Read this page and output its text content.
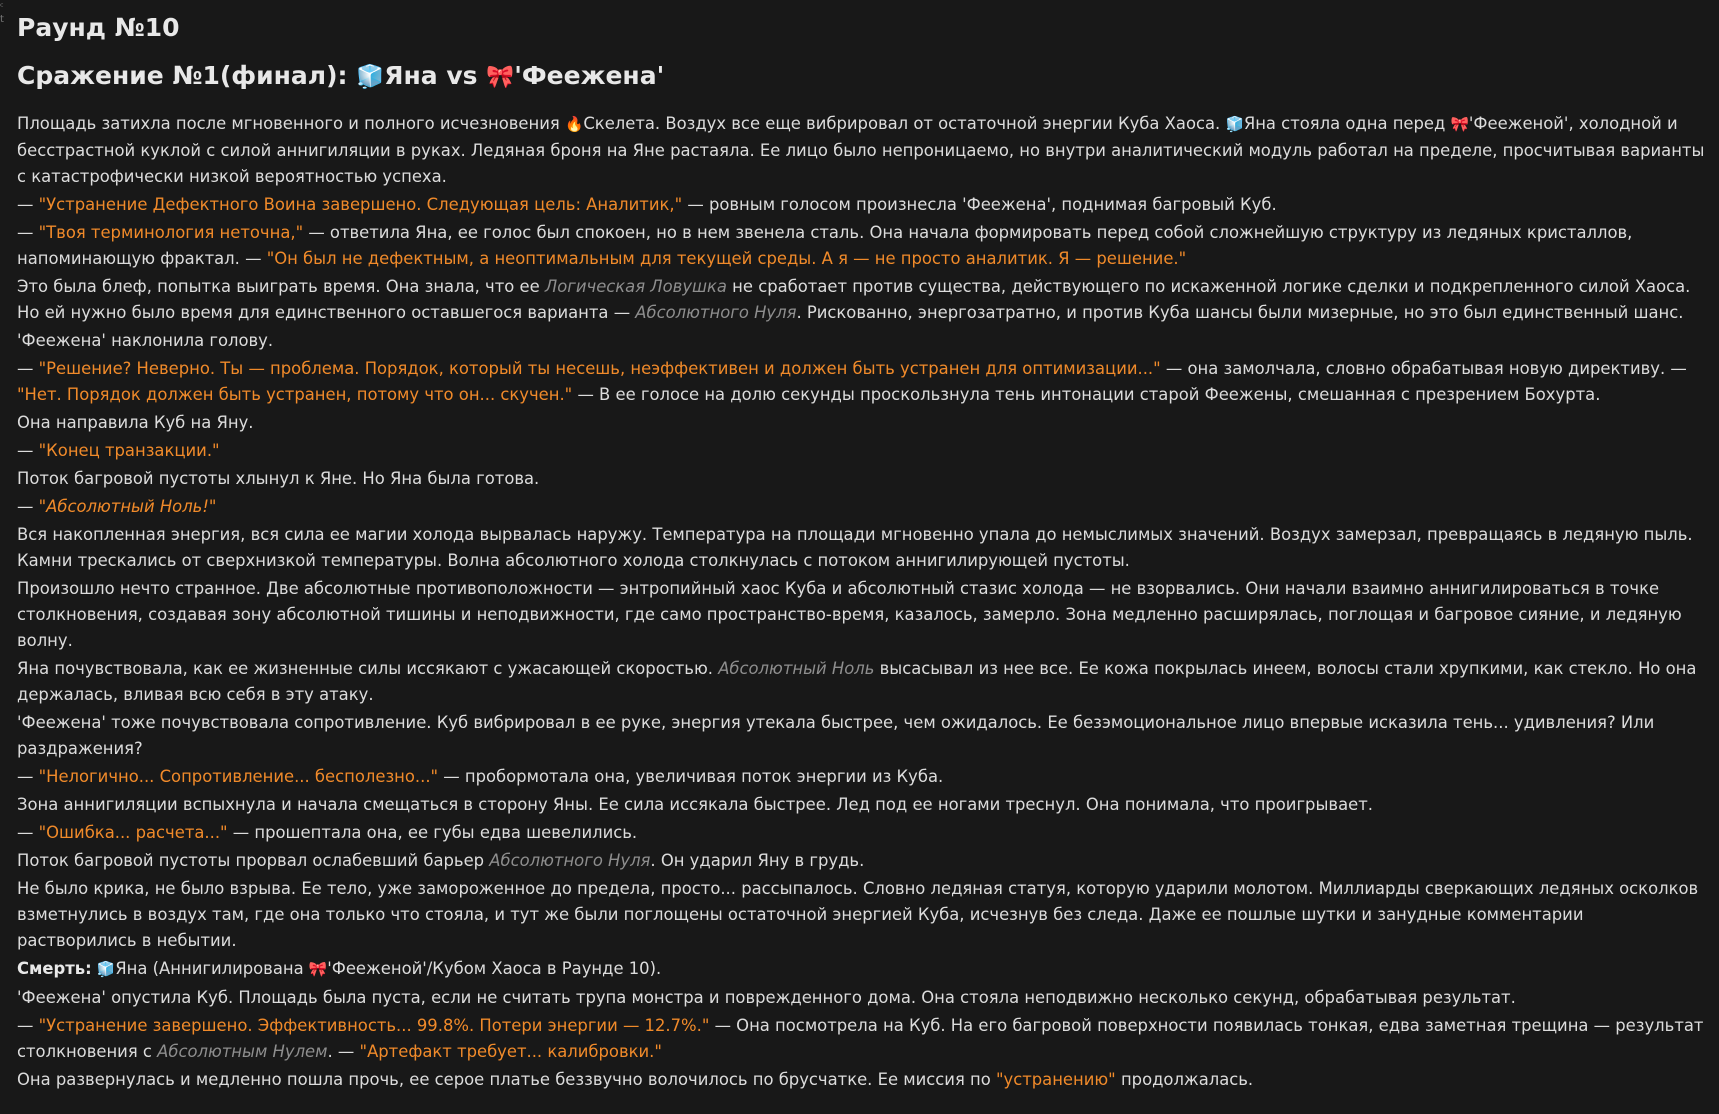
ᶜ
t Раунд №10
Сражение №1(финал): 🧊Яна vs 🎀'Феежена'

Площадь затихла после мгновенного и полного исчезновения 🔥Скелета. Воздух все еще вибрировал от остаточной энергии Куба Хаоса. 🧊Яна стояла одна перед 🎀'Феежeной', холодной и бесстрастной куклой с силой аннигиляции в руках. Ледяная броня на Яне растаяла. Ее лицо было непроницаемо, но внутри аналитический модуль работал на пределе, просчитывая варианты с катастрофически низкой вероятностью успеха.

— "Устранение Дефектного Воина завершено. Следующая цель: Аналитик," — ровным голосом произнесла 'Феежена', поднимая багровый Куб.

— "Твоя терминология неточна," — ответила Яна, ее голос был спокоен, но в нем звенела сталь. Она начала формировать перед собой сложнейшую структуру из ледяных кристаллов, напоминающую фрактал. — "Он был не дефектным, а неоптимальным для текущей среды. А я — не просто аналитик. Я — решение."

Это была блеф, попытка выиграть время. Она знала, что ее Логическая Ловушка не сработает против существа, действующего по искаженной логике сделки и подкрепленного силой Хаоса. Но ей нужно было время для единственного оставшегося варианта — Абсолютного Нуля. Рискованно, энергозатратно, и против Куба шансы были мизерные, но это был единственный шанс.

'Феежена' наклонила голову.

— "Решение? Неверно. Ты — проблема. Порядок, который ты несешь, неэффективен и должен быть устранен для оптимизации..." — она замолчала, словно обрабатывая новую директиву. — "Нет. Порядок должен быть устранен, потому что он... скучен." — В ее голосе на долю секунды проскользнула тень интонации старой Феежены, смешанная с презрением Бохурта.

Она направила Куб на Яну.

— "Конец транзакции."

Поток багровой пустоты хлынул к Яне. Но Яна была готова.

— "Абсолютный Ноль!"

Вся накопленная энергия, вся сила ее магии холода вырвалась наружу. Температура на площади мгновенно упала до немыслимых значений. Воздух замерзал, превращаясь в ледяную пыль. Камни трескались от сверхнизкой температуры. Волна абсолютного холода столкнулась с потоком аннигилирующей пустоты.

Произошло нечто странное. Две абсолютные противоположности — энтропийный хаос Куба и абсолютный стазис холода — не взорвались. Они начали взаимно аннигилироваться в точке столкновения, создавая зону абсолютной тишины и неподвижности, где само пространство-время, казалось, замерло. Зона медленно расширялась, поглощая и багровое сияние, и ледяную волну.

Яна почувствовала, как ее жизненные силы иссякают с ужасающей скоростью. Абсолютный Ноль высасывал из нее все. Ее кожа покрылась инеем, волосы стали хрупкими, как стекло. Но она держалась, вливая всю себя в эту атаку.

'Феежена' тоже почувствовала сопротивление. Куб вибрировал в ее руке, энергия утекала быстрее, чем ожидалось. Ее безэмоциональное лицо впервые исказила тень... удивления? Или раздражения?

— "Нелогично... Сопротивление... бесполезно..." — пробормотала она, увеличивая поток энергии из Куба.

Зона аннигиляции вспыхнула и начала смещаться в сторону Яны. Ее сила иссякала быстрее. Лед под ее ногами треснул. Она понимала, что проигрывает.

— "Ошибка... расчета..." — прошептала она, ее губы едва шевелились.

Поток багровой пустоты прорвал ослабевший барьер Абсолютного Нуля. Он ударил Яну в грудь.

Не было крика, не было взрыва. Ее тело, уже замороженное до предела, просто... рассыпалось. Словно ледяная статуя, которую ударили молотом. Миллиарды сверкающих ледяных осколков взметнулись в воздух там, где она только что стояла, и тут же были поглощены остаточной энергией Куба, исчезнув без следа. Даже ее пошлые шутки и занудные комментарии растворились в небытии.

Смерть: 🧊Яна (Аннигилирована 🎀'Феежeной'/Кубом Хаоса в Раунде 10).

'Феежена' опустила Куб. Площадь была пуста, если не считать трупа монстра и поврежденного дома. Она стояла неподвижно несколько секунд, обрабатывая результат.

— "Устранение завершено. Эффективность... 99.8%. Потери энергии — 12.7%." — Она посмотрела на Куб. На его багровой поверхности появилась тонкая, едва заметная трещина — результат столкновения с Абсолютным Нулем. — "Артефакт требует... калибровки."

Она развернулась и медленно пошла прочь, ее серое платье беззвучно волочилось по брусчатке. Ее миссия по "устранению" продолжалась.
